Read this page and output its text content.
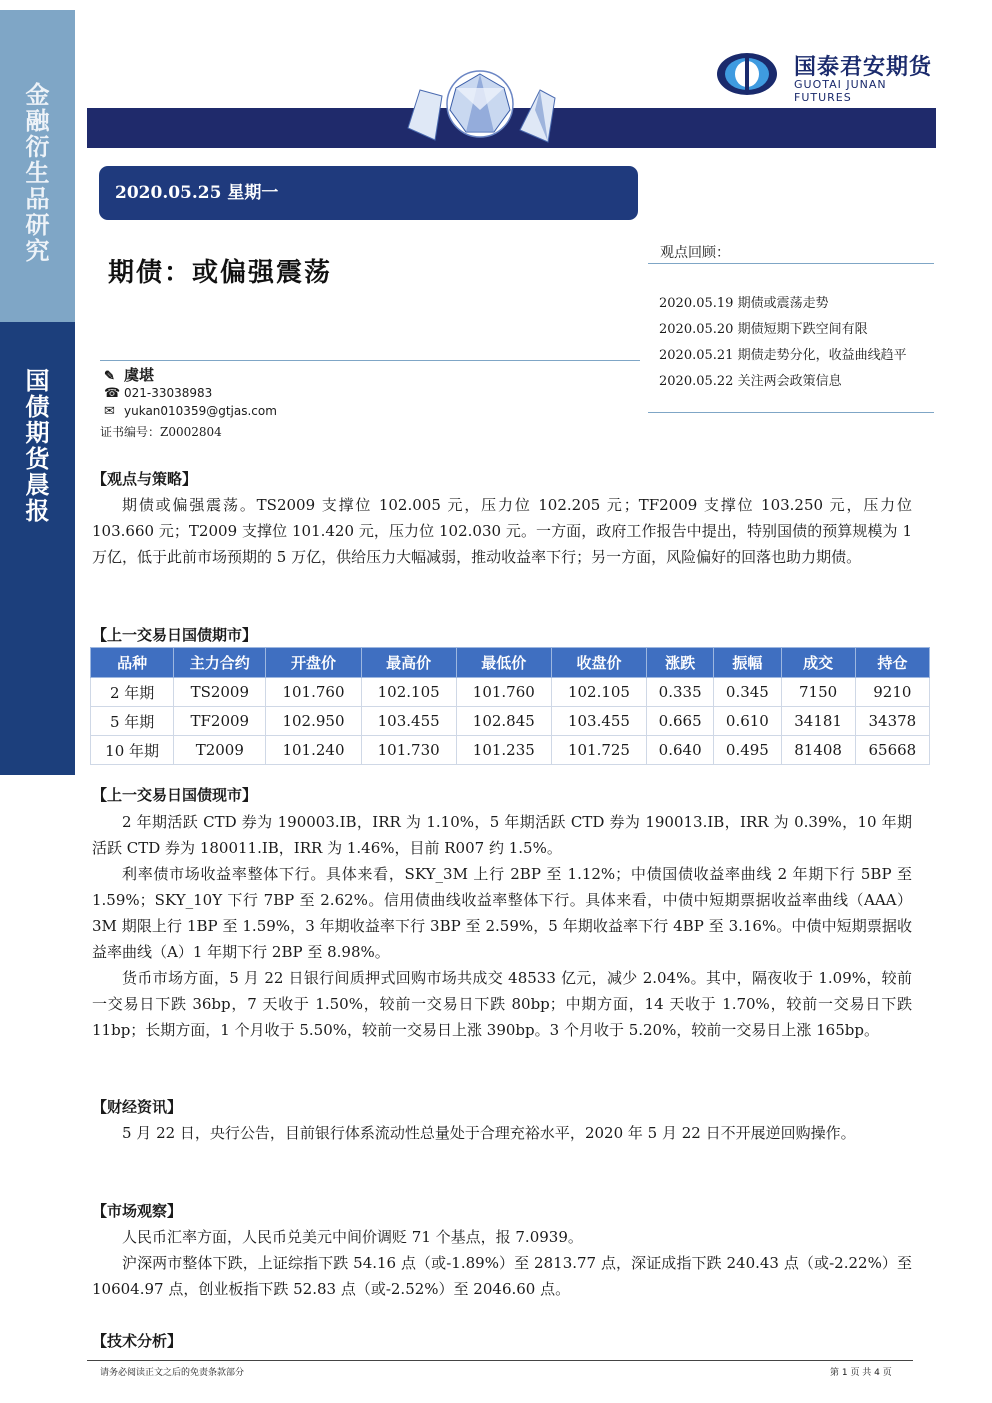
金
融
衍
生
品
研
究
国
债
期
货
晨
报
国泰君安期货
GUOTAI JUNAN FUTURES
2020.05.25 星期一
期债：或偏强震荡
观点回顾：
2020.05.19 期债或震荡走势
2020.05.20 期债短期下跌空间有限
2020.05.21 期债走势分化，收益曲线趋平
2020.05.22 关注两会政策信息
✎ 虞堪
☎ 021-33038983
✉ yukan010359@gtjas.com
证书编号：Z0002804
【观点与策略】
期债或偏强震荡。TS2009 支撑位 102.005 元，压力位 102.205 元；TF2009 支撑位 103.250 元，压力位 103.660 元；T2009 支撑位 101.420 元，压力位 102.030 元。一方面，政府工作报告中提出，特别国债的预算规模为 1 万亿，低于此前市场预期的 5 万亿，供给压力大幅减弱，推动收益率下行；另一方面，风险偏好的回落也助力期债。
【上一交易日国债期市】
品种	主力合约	开盘价	最高价	最低价	收盘价	涨跌	振幅	成交	持仓
2 年期	TS2009	101.760	102.105	101.760	102.105	0.335	0.345	7150	9210
5 年期	TF2009	102.950	103.455	102.845	103.455	0.665	0.610	34181	34378
10 年期	T2009	101.240	101.730	101.235	101.725	0.640	0.495	81408	65668
【上一交易日国债现市】
2 年期活跃 CTD 券为 190003.IB，IRR 为 1.10%，5 年期活跃 CTD 券为 190013.IB，IRR 为 0.39%，10 年期活跃 CTD 券为 180011.IB，IRR 为 1.46%，目前 R007 约 1.5%。
利率债市场收益率整体下行。具体来看，SKY_3M 上行 2BP 至 1.12%；中债国债收益率曲线 2 年期下行 5BP 至 1.59%；SKY_10Y 下行 7BP 至 2.62%。信用债曲线收益率整体下行。具体来看，中债中短期票据收益率曲线（AAA）3M 期限上行 1BP 至 1.59%，3 年期收益率下行 3BP 至 2.59%，5 年期收益率下行 4BP 至 3.16%。中债中短期票据收益率曲线（A）1 年期下行 2BP 至 8.98%。
货币市场方面，5 月 22 日银行间质押式回购市场共成交 48533 亿元，减少 2.04%。其中，隔夜收于 1.09%，较前一交易日下跌 36bp，7 天收于 1.50%，较前一交易日下跌 80bp；中期方面，14 天收于 1.70%，较前一交易日下跌 11bp；长期方面，1 个月收于 5.50%，较前一交易日上涨 390bp。3 个月收于 5.20%，较前一交易日上涨 165bp。
【财经资讯】
5 月 22 日，央行公告，目前银行体系流动性总量处于合理充裕水平，2020 年 5 月 22 日不开展逆回购操作。
【市场观察】
人民币汇率方面，人民币兑美元中间价调贬 71 个基点，报 7.0939。
沪深两市整体下跌，上证综指下跌 54.16 点（或-1.89%）至 2813.77 点，深证成指下跌 240.43 点（或-2.22%）至 10604.97 点，创业板指下跌 52.83 点（或-2.52%）至 2046.60 点。
【技术分析】
请务必阅读正文之后的免责条款部分	第 1 页 共 4 页
